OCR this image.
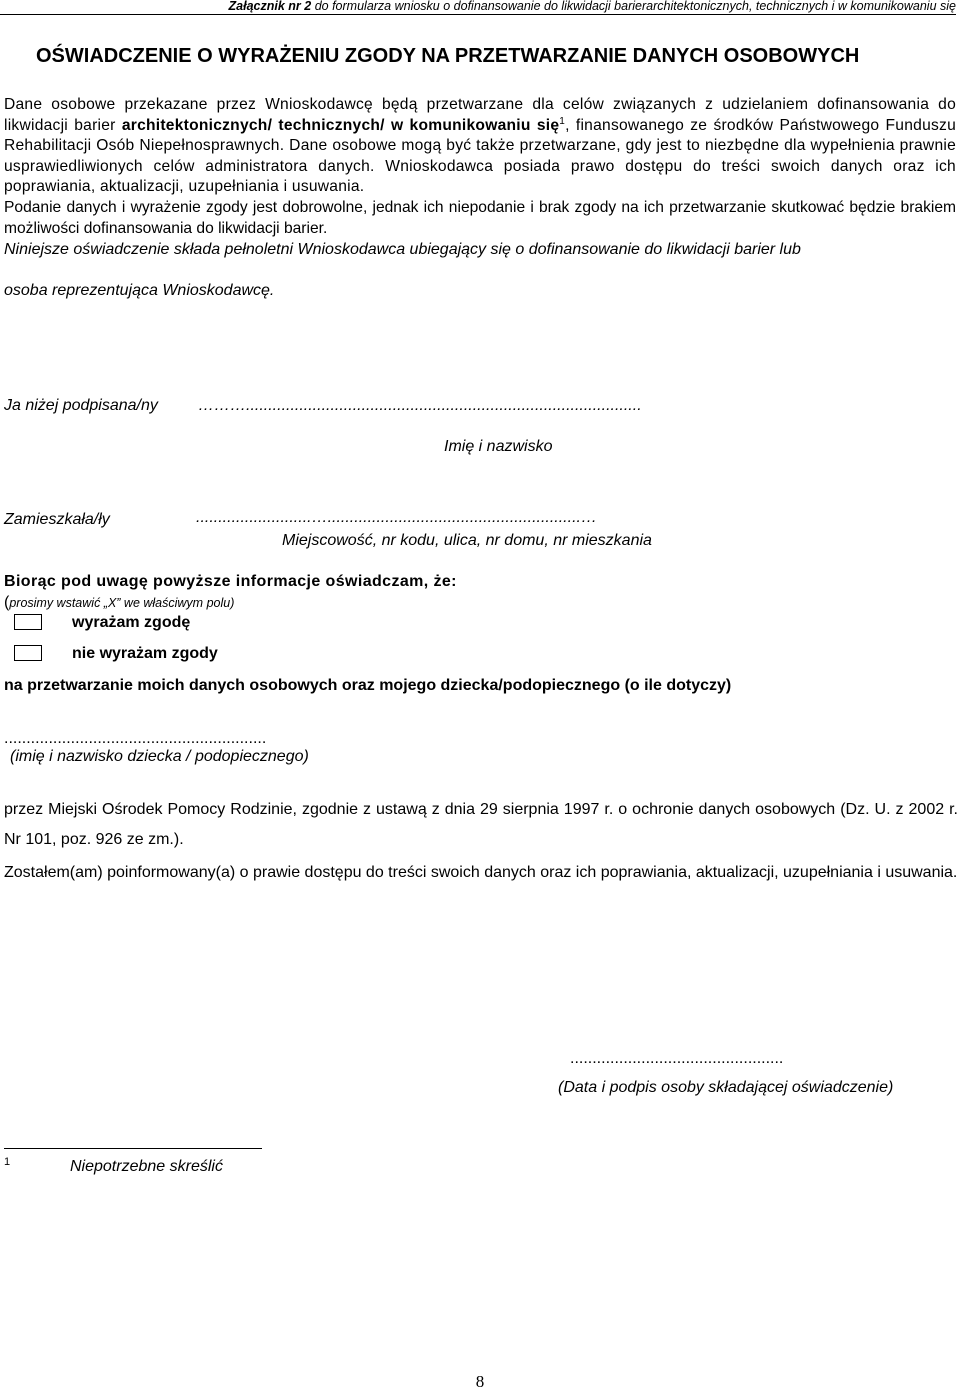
Załącznik nr 2 do formularza wniosku o dofinansowanie do likwidacji barierarchitektonicznych, technicznych i w komunikowaniu się
OŚWIADCZENIE O WYRAŻENIU ZGODY NA PRZETWARZANIE DANYCH OSOBOWYCH

Dane osobowe przekazane przez Wnioskodawcę będą przetwarzane dla celów związanych z udzielaniem dofinansowania do likwidacji barier architektonicznych/ technicznych/ w komunikowaniu się$^1$, finansowanego ze środków Państwowego Funduszu Rehabilitacji Osób Niepełnosprawnych. Dane osobowe mogą być także przetwarzane, gdy jest to niezbędne dla wypełnienia prawnie usprawiedliwionych celów administratora danych. Wnioskodawca posiada prawo dostępu do treści swoich danych oraz ich poprawiania, aktualizacji, uzupełniania i usuwania.

Podanie danych i wyrażenie zgody jest dobrowolne, jednak ich niepodanie i brak zgody na ich przetwarzanie skutkować będzie brakiem możliwości dofinansowania do likwidacji barier.

Niniejsze oświadczenie składa pełnoletni Wnioskodawca ubiegający się o dofinansowanie do likwidacji barier lub

osoba reprezentująca Wnioskodawcę.

Ja niżej podpisana/ny	……….........................................................................................
Imię i nazwisko
Zamieszkała/ły	..........................….........................................................…
Miejscowość, nr kodu, ulica, nr domu, nr mieszkania
Biorąc pod uwagę powyższe informacje oświadczam, że:
(prosimy wstawić „X” we właściwym polu)
wyrażam zgodę
nie wyrażam zgody
na przetwarzanie moich danych osobowych oraz mojego dziecka/podopiecznego (o ile dotyczy)
...........................................................
(imię i nazwisko dziecka / podopiecznego)

przez Miejski Ośrodek Pomocy Rodzinie, zgodnie z ustawą z dnia 29 sierpnia 1997 r. o ochronie danych osobowych (Dz. U. z 2002 r. Nr 101, poz. 926 ze zm.).

Zostałem(am) poinformowany(a) o prawie dostępu do treści swoich danych oraz ich poprawiania, aktualizacji, uzupełniania i usuwania.

................................................
(Data i podpis osoby składającej oświadczenie)
1	Niepotrzebne skreślić
8
